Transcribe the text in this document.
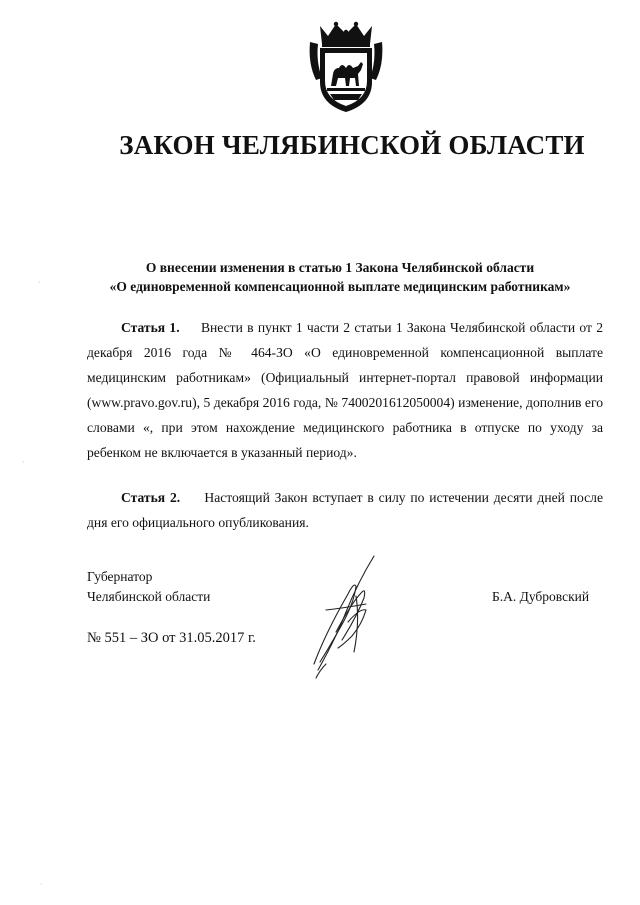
ЗАКОН ЧЕЛЯБИНСКОЙ ОБЛАСТИ
О внесении изменения в статью 1 Закона Челябинской области
«О единовременной компенсационной выплате медицинским работникам»

Статья 1. Внести в пункт 1 части 2 статьи 1 Закона Челябинской области от 2 декабря 2016 года № 464-ЗО «О единовременной компенсационной выплате медицинским работникам» (Официальный интернет-портал правовой информации (www.pravo.gov.ru), 5 декабря 2016 года, № 7400201612050004) изменение, дополнив его словами «, при этом нахождение медицинского работника в отпуске по уходу за ребенком не включается в указанный период».

Статья 2. Настоящий Закон вступает в силу по истечении десяти дней после дня его официального опубликования.

Губернатор
Челябинской области	Б.А. Дубровский
№ 551 – ЗО от 31.05.2017 г.
·
·
·
